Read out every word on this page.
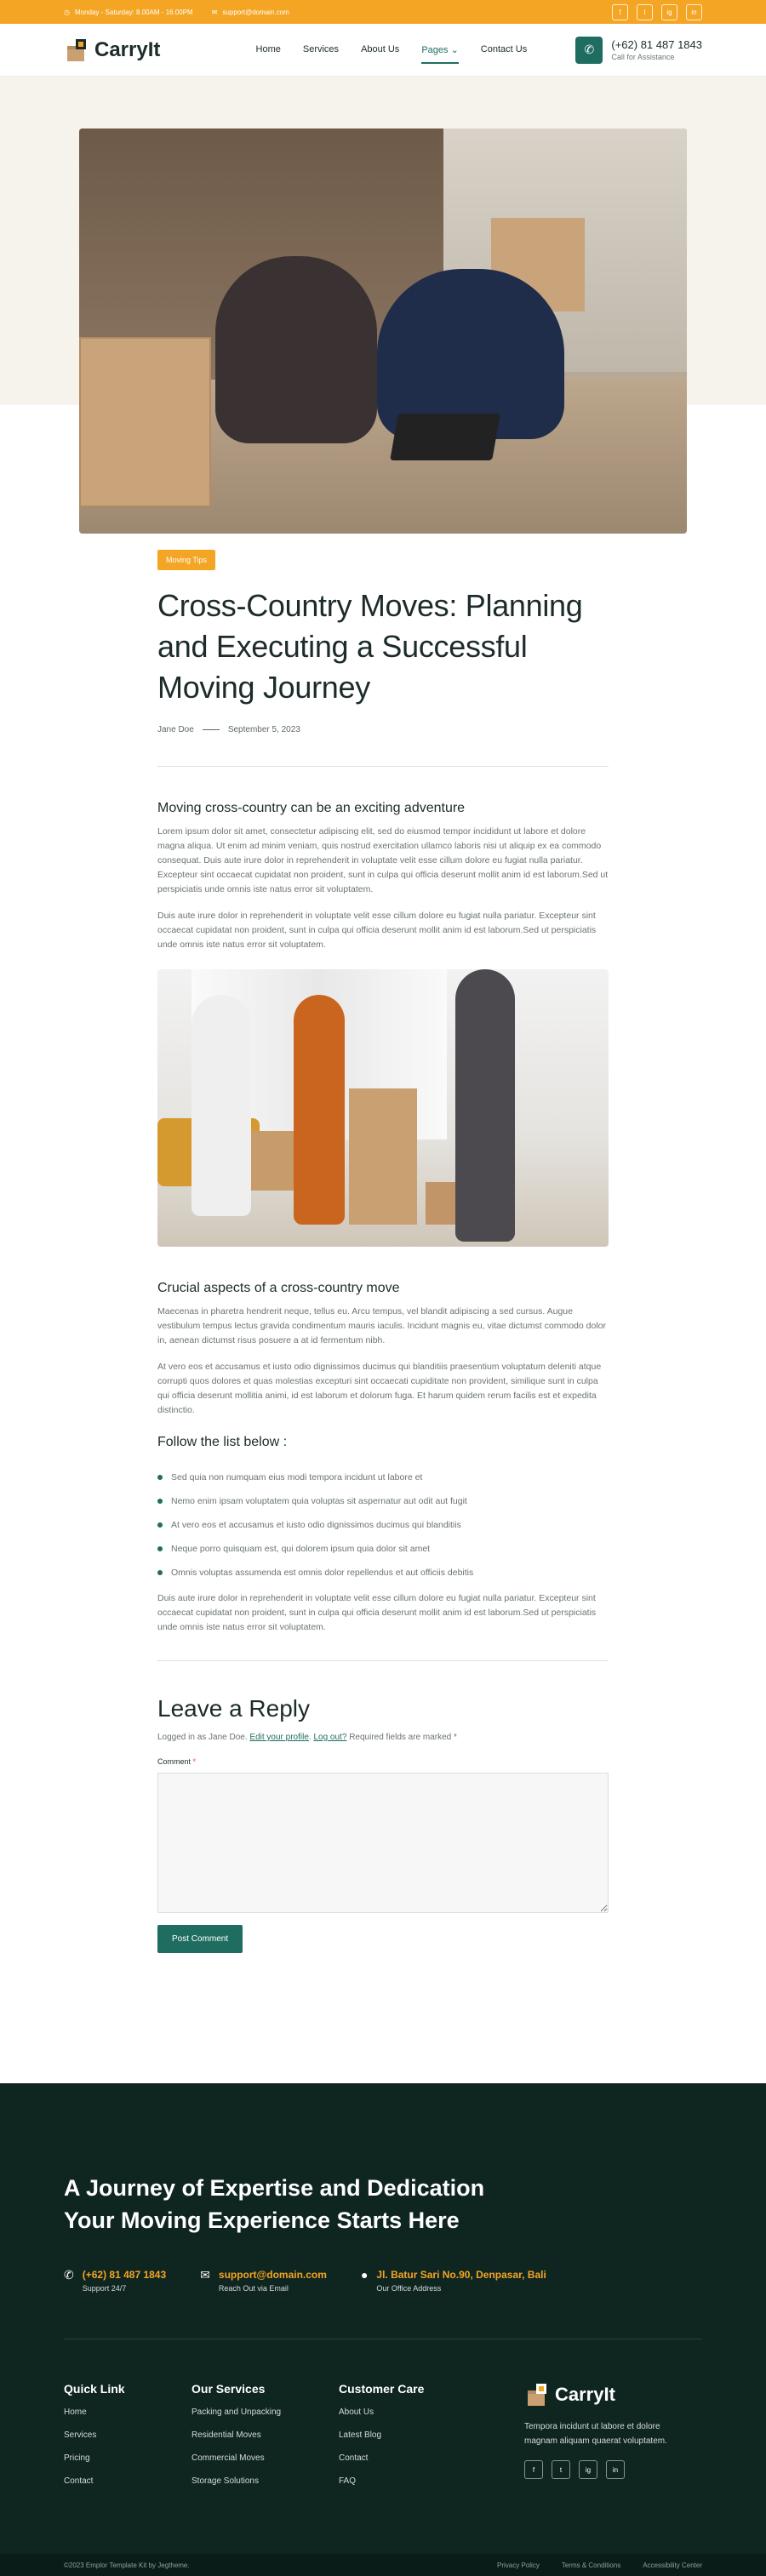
◷ Monday - Saturday: 8.00AM - 16.00PM	✉ support@domain.com	f	t	ig	in
CarryIt	Home Services About Us Pages ⌄ Contact Us	✆ (+62) 81 487 1843
Call for Assistance
Moving Tips
Cross-Country Moves: Planning and Executing a Successful Moving Journey
Jane Doe	September 5, 2023
Moving cross-country can be an exciting adventure

Lorem ipsum dolor sit amet, consectetur adipiscing elit, sed do eiusmod tempor incididunt ut labore et dolore magna aliqua. Ut enim ad minim veniam, quis nostrud exercitation ullamco laboris nisi ut aliquip ex ea commodo consequat. Duis aute irure dolor in reprehenderit in voluptate velit esse cillum dolore eu fugiat nulla pariatur. Excepteur sint occaecat cupidatat non proident, sunt in culpa qui officia deserunt mollit anim id est laborum.Sed ut perspiciatis unde omnis iste natus error sit voluptatem.

Duis aute irure dolor in reprehenderit in voluptate velit esse cillum dolore eu fugiat nulla pariatur. Excepteur sint occaecat cupidatat non proident, sunt in culpa qui officia deserunt mollit anim id est laborum.Sed ut perspiciatis unde omnis iste natus error sit voluptatem.

Crucial aspects of a cross-country move

Maecenas in pharetra hendrerit neque, tellus eu. Arcu tempus, vel blandit adipiscing a sed cursus. Augue vestibulum tempus lectus gravida condimentum mauris iaculis. Incidunt magnis eu, vitae dictumst commodo dolor in, aenean dictumst risus posuere a at id fermentum nibh.

At vero eos et accusamus et iusto odio dignissimos ducimus qui blanditiis praesentium voluptatum deleniti atque corrupti quos dolores et quas molestias excepturi sint occaecati cupiditate non provident, similique sunt in culpa qui officia deserunt mollitia animi, id est laborum et dolorum fuga. Et harum quidem rerum facilis est et expedita distinctio.

Follow the list below :
Sed quia non numquam eius modi tempora incidunt ut labore et
Nemo enim ipsam voluptatem quia voluptas sit aspernatur aut odit aut fugit
At vero eos et accusamus et iusto odio dignissimos ducimus qui blanditiis
Neque porro quisquam est, qui dolorem ipsum quia dolor sit amet
Omnis voluptas assumenda est omnis dolor repellendus et aut officiis debitis

Duis aute irure dolor in reprehenderit in voluptate velit esse cillum dolore eu fugiat nulla pariatur. Excepteur sint occaecat cupidatat non proident, sunt in culpa qui officia deserunt mollit anim id est laborum.Sed ut perspiciatis unde omnis iste natus error sit voluptatem.

Leave a Reply

Logged in as Jane Doe. Edit your profile. Log out? Required fields are marked *

Comment *
Post Comment
A Journey of Expertise and Dedication Your Moving Experience Starts Here
✆ (+62) 81 487 1843
Support 24/7
✉ support@domain.com
Reach Out via Email
● Jl. Batur Sari No.90, Denpasar, Bali
Our Office Address
Quick Link
Home
Services
Pricing
Contact
Our Services
Packing and Unpacking
Residential Moves
Commercial Moves
Storage Solutions
Customer Care
About Us
Latest Blog
Contact
FAQ
CarryIt

Tempora incidunt ut labore et dolore magnam aliquam quaerat voluptatem.

f	t	ig	in
©2023 Emplor Template Kit by Jegtheme.	Privacy Policy	Terms & Conditions	Accessibility Center
